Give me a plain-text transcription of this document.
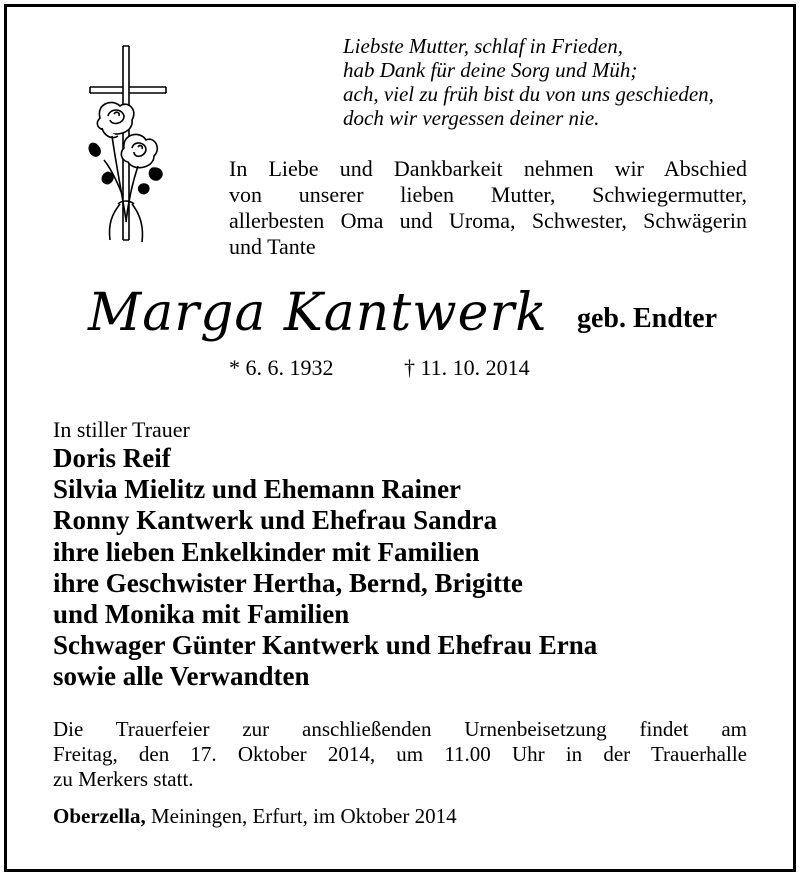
Liebste Mutter, schlaf in Frieden,
hab Dank für deine Sorg und Müh;
ach, viel zu früh bist du von uns geschieden,
doch wir vergessen deiner nie.
In Liebe und Dankbarkeit nehmen wir Abschied
von unserer lieben Mutter, Schwiegermutter,
allerbesten Oma und Uroma, Schwester, Schwägerin
und Tante
Marga Kantwerk geb. Endter
* 6. 6. 1932	† 11. 10. 2014
In stiller Trauer
Doris Reif
Silvia Mielitz und Ehemann Rainer
Ronny Kantwerk und Ehefrau Sandra
ihre lieben Enkelkinder mit Familien
ihre Geschwister Hertha, Bernd, Brigitte
und Monika mit Familien
Schwager Günter Kantwerk und Ehefrau Erna
sowie alle Verwandten
Die Trauerfeier zur anschließenden Urnenbeisetzung findet am
Freitag, den 17. Oktober 2014, um 11.00 Uhr in der Trauerhalle
zu Merkers statt.
Oberzella, Meiningen, Erfurt, im Oktober 2014
